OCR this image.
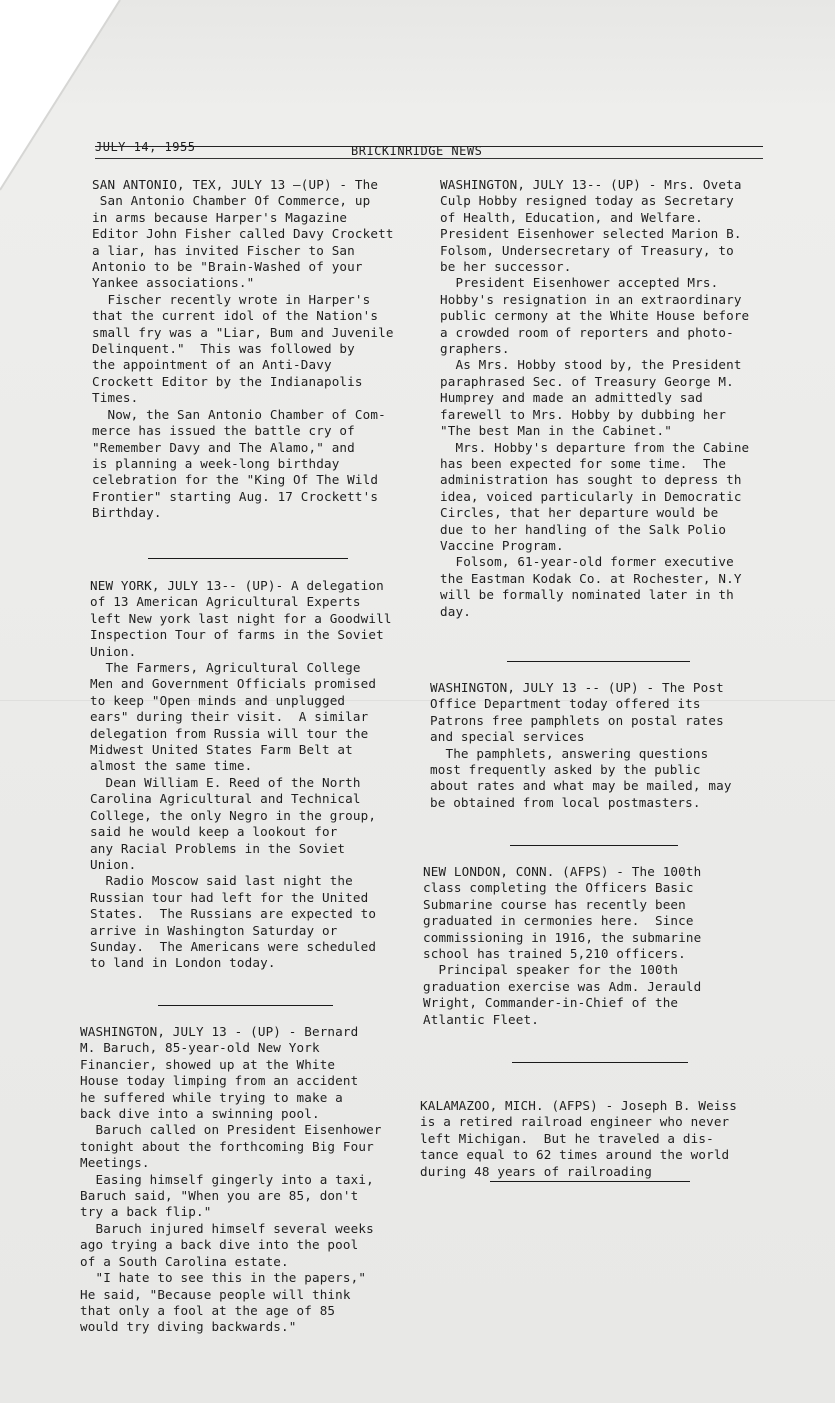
JULY 14, 1955	BRICKINRIDGE NEWS
SAN ANTONIO, TEX, JULY 13 —(UP) - The
San Antonio Chamber Of Commerce, up
in arms because Harper's Magazine
Editor John Fisher called Davy Crockett
a liar, has invited Fischer to San
Antonio to be "Brain-Washed of your
Yankee associations."
Fischer recently wrote in Harper's
that the current idol of the Nation's
small fry was a "Liar, Bum and Juvenile
Delinquent."  This was followed by
the appointment of an Anti-Davy
Crockett Editor by the Indianapolis
Times.
Now, the San Antonio Chamber of Com-
merce has issued the battle cry of
"Remember Davy and The Alamo," and
is planning a week-long birthday
celebration for the "King Of The Wild
Frontier" starting Aug. 17 Crockett's
Birthday.
NEW YORK, JULY 13-- (UP)- A delegation
of 13 American Agricultural Experts
left New york last night for a Goodwill
Inspection Tour of farms in the Soviet
Union.
The Farmers, Agricultural College
Men and Government Officials promised
to keep "Open minds and unplugged
ears" during their visit.  A similar
delegation from Russia will tour the
Midwest United States Farm Belt at
almost the same time.
Dean William E. Reed of the North
Carolina Agricultural and Technical
College, the only Negro in the group,
said he would keep a lookout for
any Racial Problems in the Soviet
Union.
Radio Moscow said last night the
Russian tour had left for the United
States.  The Russians are expected to
arrive in Washington Saturday or
Sunday.  The Americans were scheduled
to land in London today.
WASHINGTON, JULY 13 - (UP) - Bernard
M. Baruch, 85-year-old New York
Financier, showed up at the White
House today limping from an accident
he suffered while trying to make a
back dive into a swinning pool.
Baruch called on President Eisenhower
tonight about the forthcoming Big Four
Meetings.
Easing himself gingerly into a taxi,
Baruch said, "When you are 85, don't
try a back flip."
Baruch injured himself several weeks
ago trying a back dive into the pool
of a South Carolina estate.
"I hate to see this in the papers,"
He said, "Because people will think
that only a fool at the age of 85
would try diving backwards."
WASHINGTON, JULY 13-- (UP) - Mrs. Oveta
Culp Hobby resigned today as Secretary
of Health, Education, and Welfare.
President Eisenhower selected Marion B.
Folsom, Undersecretary of Treasury, to
be her successor.
President Eisenhower accepted Mrs.
Hobby's resignation in an extraordinary
public cermony at the White House before
a crowded room of reporters and photo-
graphers.
As Mrs. Hobby stood by, the President
paraphrased Sec. of Treasury George M.
Humprey and made an admittedly sad
farewell to Mrs. Hobby by dubbing her
"The best Man in the Cabinet."
Mrs. Hobby's departure from the Cabine
has been expected for some time.  The
administration has sought to depress th
idea, voiced particularly in Democratic
Circles, that her departure would be
due to her handling of the Salk Polio
Vaccine Program.
Folsom, 61-year-old former executive
the Eastman Kodak Co. at Rochester, N.Y
will be formally nominated later in th
day.
WASHINGTON, JULY 13 -- (UP) - The Post
Office Department today offered its
Patrons free pamphlets on postal rates
and special services
The pamphlets, answering questions
most frequently asked by the public
about rates and what may be mailed, may
be obtained from local postmasters.
NEW LONDON, CONN. (AFPS) - The 100th
class completing the Officers Basic
Submarine course has recently been
graduated in cermonies here.  Since
commissioning in 1916, the submarine
school has trained 5,210 officers.
Principal speaker for the 100th
graduation exercise was Adm. Jerauld
Wright, Commander-in-Chief of the
Atlantic Fleet.
KALAMAZOO, MICH. (AFPS) - Joseph B. Weiss
is a retired railroad engineer who never
left Michigan.  But he traveled a dis-
tance equal to 62 times around the world
during 48 years of railroading
